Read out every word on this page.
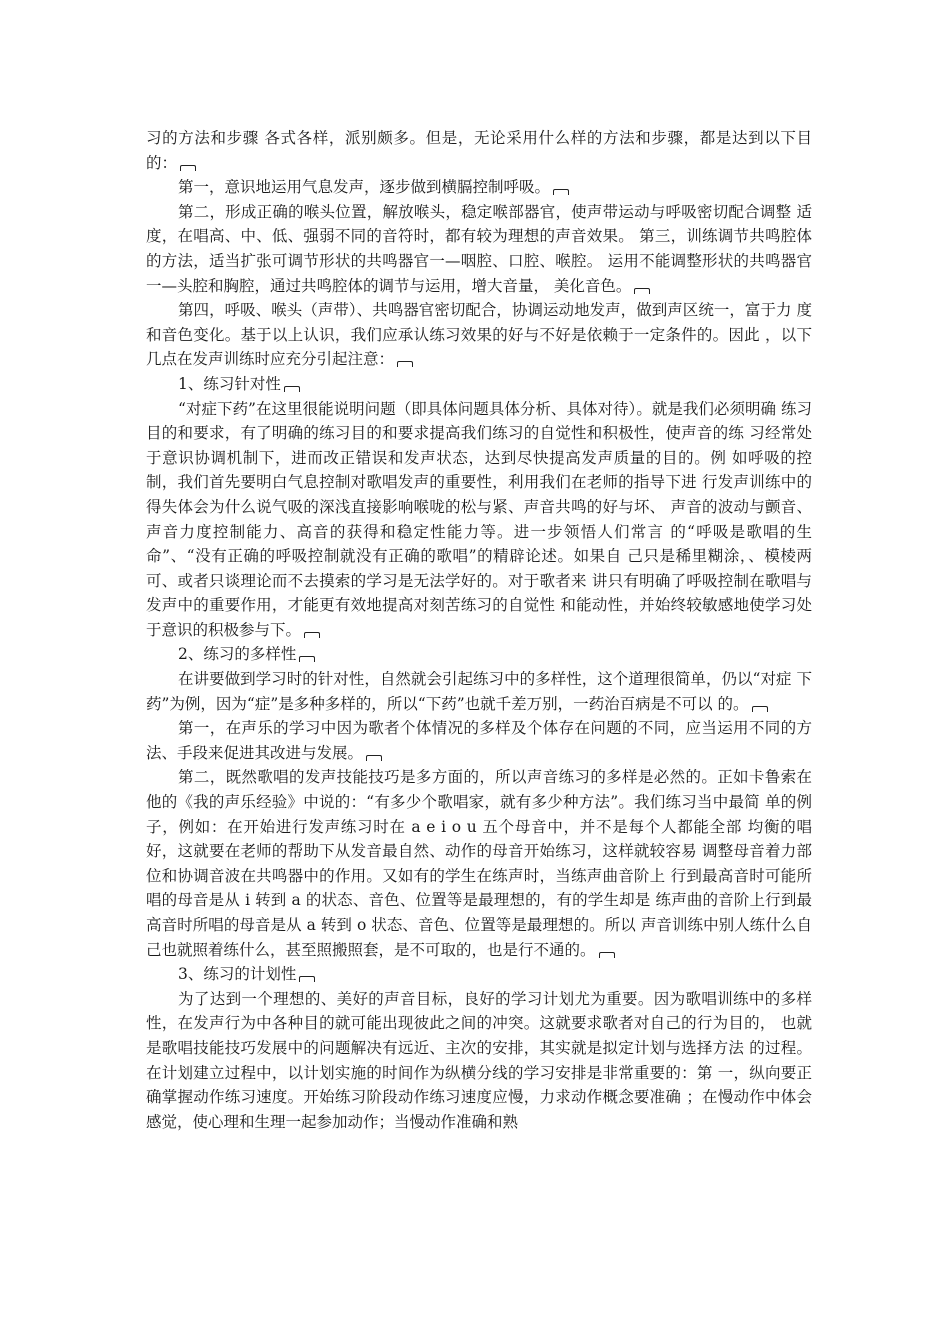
习的方法和步骤 各式各样，派别颇多。但是，无论采用什么样的方法和步骤，都是达到以下目的：

第一，意识地运用气息发声，逐步做到横膈控制呼吸。

第二，形成正确的喉头位置，解放喉头，稳定喉部器官，使声带运动与呼吸密切配合调整 适度，在唱高、中、低、强弱不同的音符时，都有较为理想的声音效果。 第三，训练调节共鸣腔体的方法，适当扩张可调节形状的共鸣器官一—咽腔、口腔、喉腔。 运用不能调整形状的共鸣器官一—头腔和胸腔，通过共鸣腔体的调节与运用，增大音量， 美化音色。

第四，呼吸、喉头（声带）、共鸣器官密切配合，协调运动地发声，做到声区统一，富于力 度和音色变化。基于以上认识，我们应承认练习效果的好与不好是依赖于一定条件的。因此 ，以下几点在发声训练时应充分引起注意：

1、练习针对性

“对症下药”在这里很能说明问题（即具体问题具体分析、具体对待）。就是我们必须明确 练习目的和要求，有了明确的练习目的和要求提高我们练习的自觉性和积极性，使声音的练 习经常处于意识协调机制下，进而改正错误和发声状态，达到尽快提高发声质量的目的。例 如呼吸的控制，我们首先要明白气息控制对歌唱发声的重要性，利用我们在老师的指导下进 行发声训练中的得失体会为什么说气吸的深浅直接影响喉咙的松与紧、声音共鸣的好与坏、 声音的波动与颤音、声音力度控制能力、高音的获得和稳定性能力等。进一步领悟人们常言 的“呼吸是歌唱的生命”、“没有正确的呼吸控制就没有正确的歌唱”的精辟论述。如果自 己只是稀里糊涂，、模棱两可、或者只谈理论而不去摸索的学习是无法学好的。对于歌者来 讲只有明确了呼吸控制在歌唱与发声中的重要作用，才能更有效地提高对刻苦练习的自觉性 和能动性，并始终较敏感地使学习处于意识的积极参与下。

2、练习的多样性

在讲要做到学习时的针对性，自然就会引起练习中的多样性，这个道理很简单，仍以“对症 下药”为例，因为“症”是多种多样的，所以“下药”也就千差万别，一药治百病是不可以 的。

第一，在声乐的学习中因为歌者个体情况的多样及个体存在问题的不同，应当运用不同的方 法、手段来促进其改进与发展。

第二，既然歌唱的发声技能技巧是多方面的，所以声音练习的多样是必然的。正如卡鲁索在 他的《我的声乐经验》中说的：“有多少个歌唱家，就有多少种方法”。我们练习当中最简 单的例子，例如：在开始进行发声练习时在 a e i o u 五个母音中，并不是每个人都能全部 均衡的唱好，这就要在老师的帮助下从发音最自然、动作的母音开始练习，这样就较容易 调整母音着力部位和协调音波在共鸣器中的作用。又如有的学生在练声时，当练声曲音阶上 行到最高音时可能所唱的母音是从 i 转到 a 的状态、音色、位置等是最理想的，有的学生却是 练声曲的音阶上行到最高音时所唱的母音是从 a 转到 o 状态、音色、位置等是最理想的。所以 声音训练中别人练什么自己也就照着练什么，甚至照搬照套，是不可取的，也是行不通的。

3、练习的计划性

为了达到一个理想的、美好的声音目标，良好的学习计划尤为重要。因为歌唱训练中的多样 性，在发声行为中各种目的就可能出现彼此之间的冲突。这就要求歌者对自己的行为目的， 也就是歌唱技能技巧发展中的问题解决有远近、主次的安排，其实就是拟定计划与选择方法 的过程。在计划建立过程中，以计划实施的时间作为纵横分线的学习安排是非常重要的：第 一，纵向要正确掌握动作练习速度。开始练习阶段动作练习速度应慢，力求动作概念要准确 ；在慢动作中体会感觉，使心理和生理一起参加动作；当慢动作准确和熟
